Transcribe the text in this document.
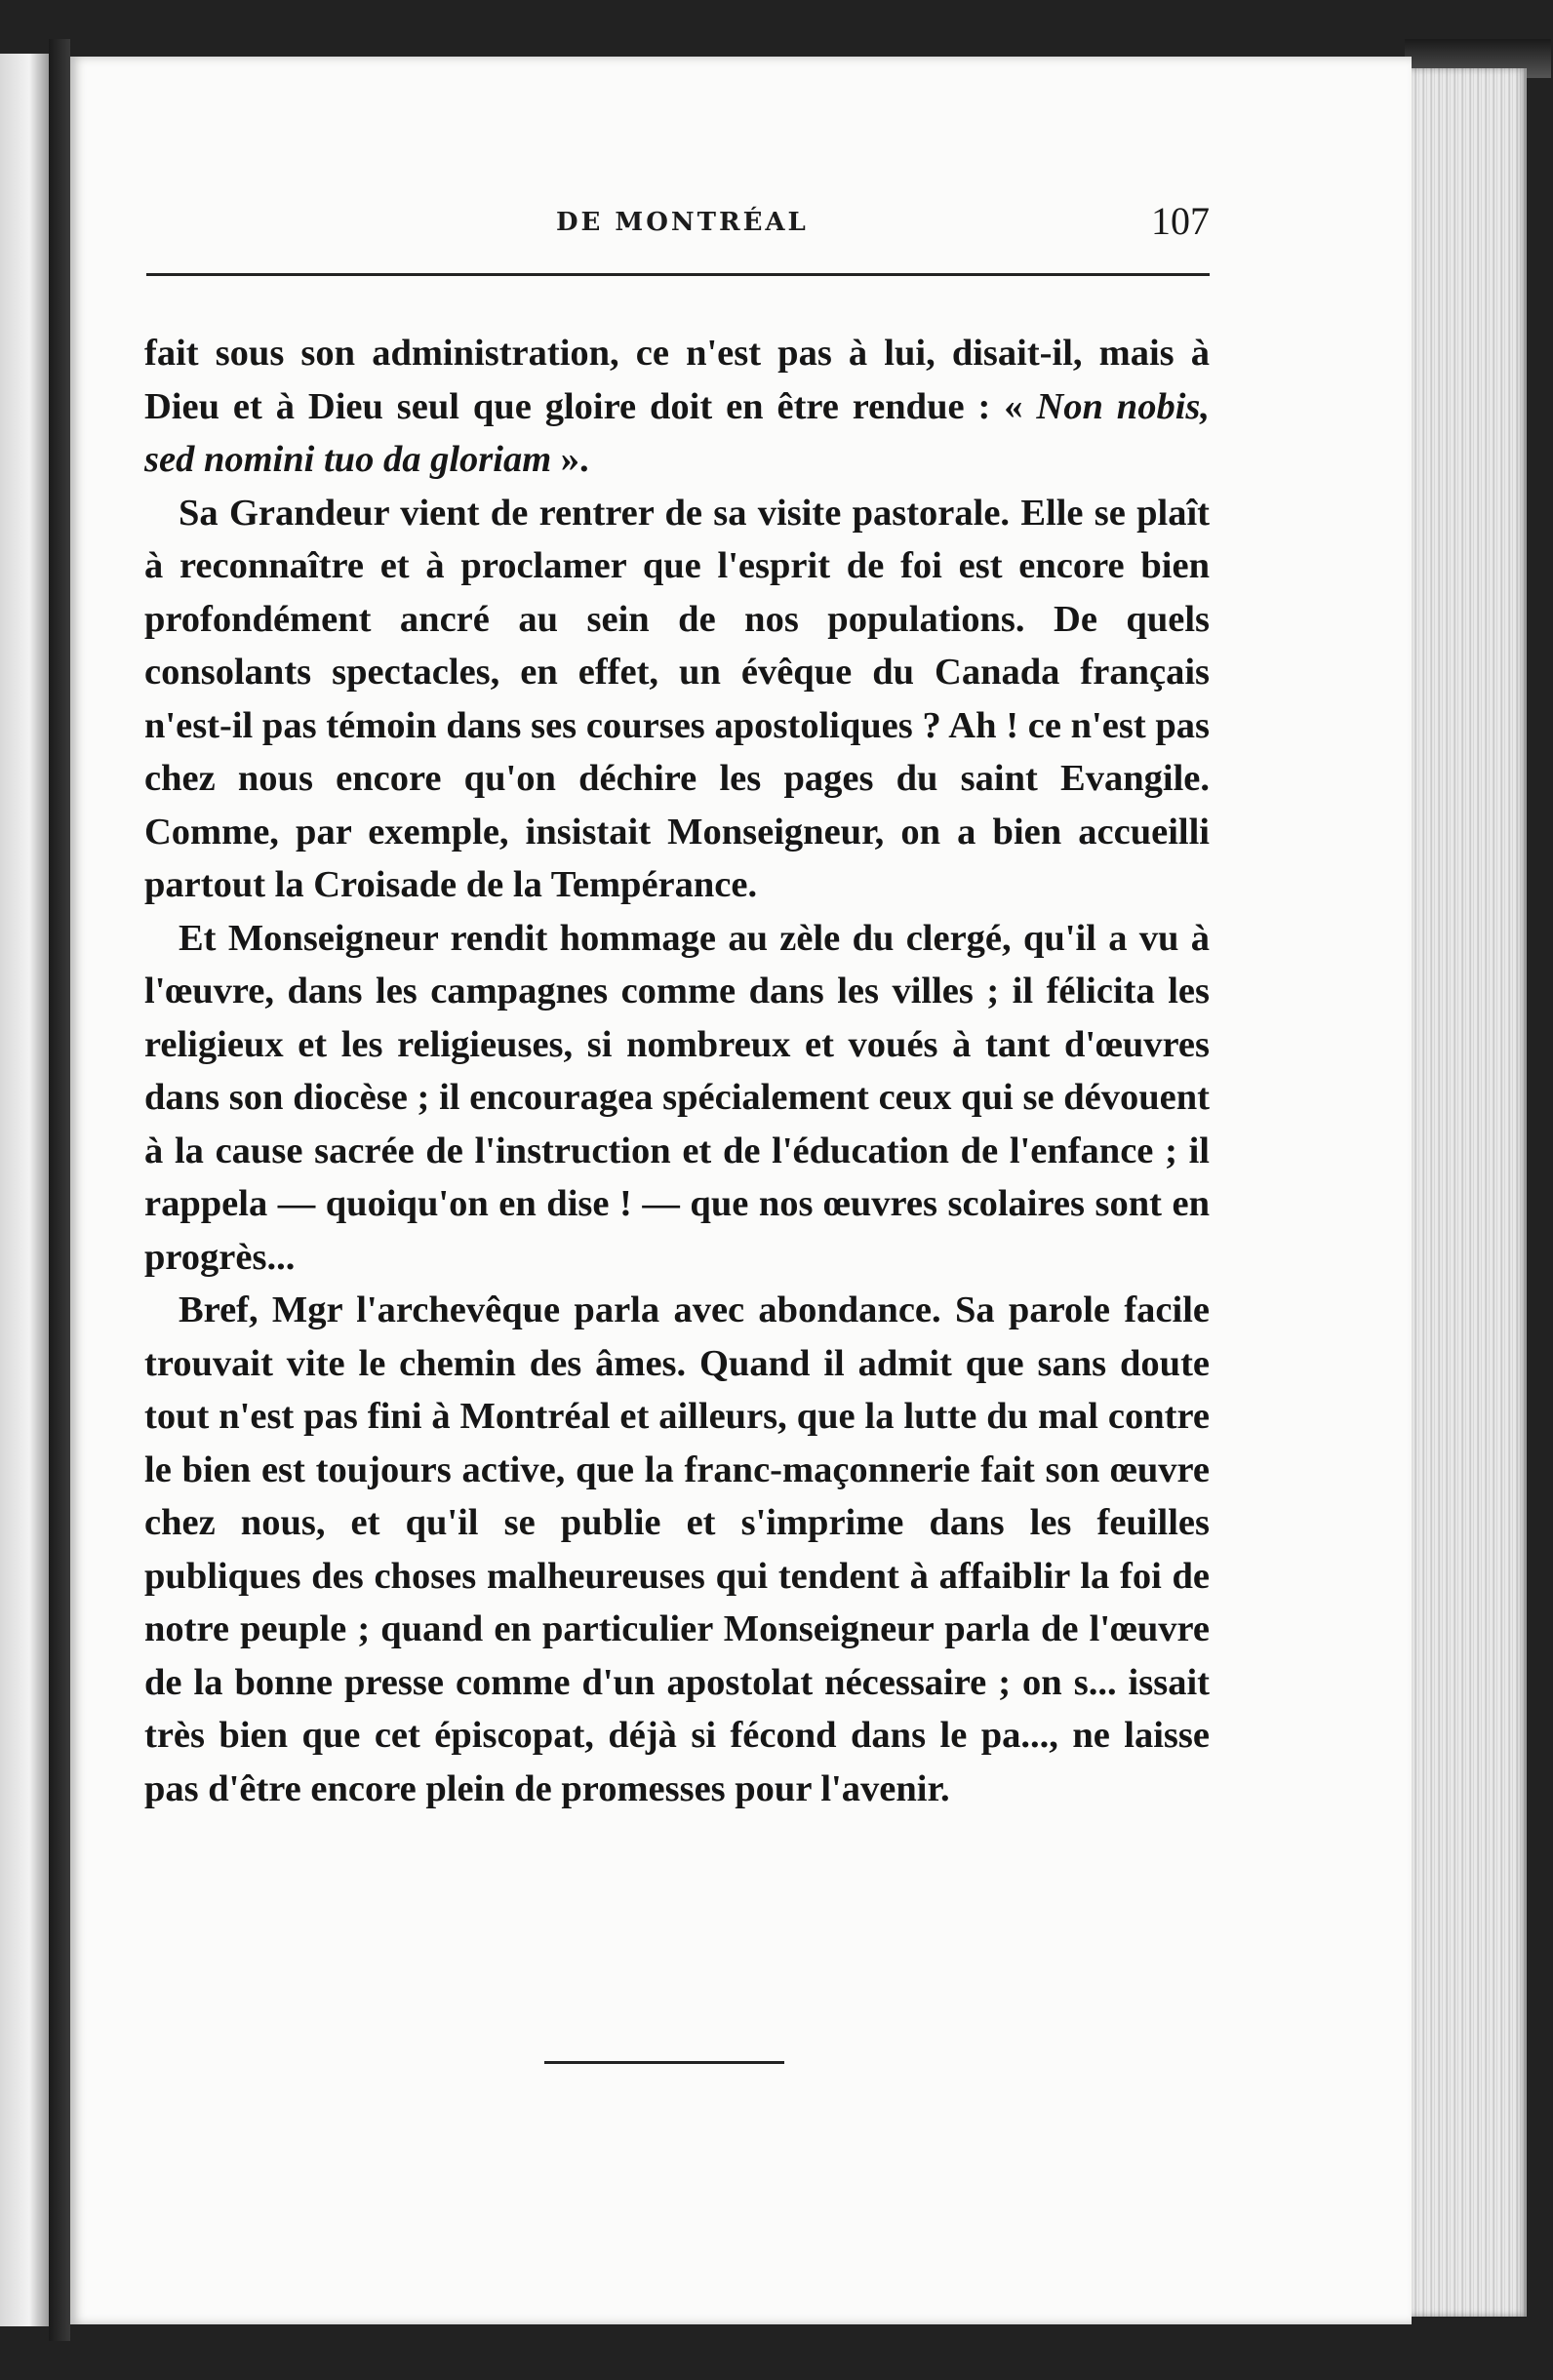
DE MONTRÉAL	107

fait sous son administration, ce n'est pas à lui, disait-il, mais à Dieu et à Dieu seul que gloire doit en être rendue : « Non nobis, sed nomini tuo da gloriam ».

Sa Grandeur vient de rentrer de sa visite pastorale. Elle se plaît à reconnaître et à proclamer que l'esprit de foi est encore bien profondément ancré au sein de nos populations. De quels consolants spectacles, en effet, un évêque du Canada français n'est-il pas témoin dans ses courses apostoliques ? Ah ! ce n'est pas chez nous encore qu'on déchire les pages du saint Evangile. Comme, par exemple, insistait Monseigneur, on a bien accueilli partout la Croisade de la Tempérance.

Et Monseigneur rendit hommage au zèle du clergé, qu'il a vu à l'œuvre, dans les campagnes comme dans les villes ; il félicita les religieux et les religieuses, si nombreux et voués à tant d'œuvres dans son diocèse ; il encouragea spécialement ceux qui se dévouent à la cause sacrée de l'instruction et de l'éducation de l'enfance ; il rappela — quoiqu'on en dise ! — que nos œuvres scolaires sont en progrès...

Bref, Mgr l'archevêque parla avec abondance. Sa parole facile trouvait vite le chemin des âmes. Quand il admit que sans doute tout n'est pas fini à Montréal et ailleurs, que la lutte du mal contre le bien est toujours active, que la franc-maçonnerie fait son œuvre chez nous, et qu'il se publie et s'imprime dans les feuilles publiques des choses malheureuses qui tendent à affaiblir la foi de notre peuple ; quand en particulier Monseigneur parla de l'œuvre de la bonne presse comme d'un apostolat nécessaire ; on s... issait très bien que cet épiscopat, déjà si fécond dans le pa..., ne laisse pas d'être encore plein de promesses pour l'avenir.
